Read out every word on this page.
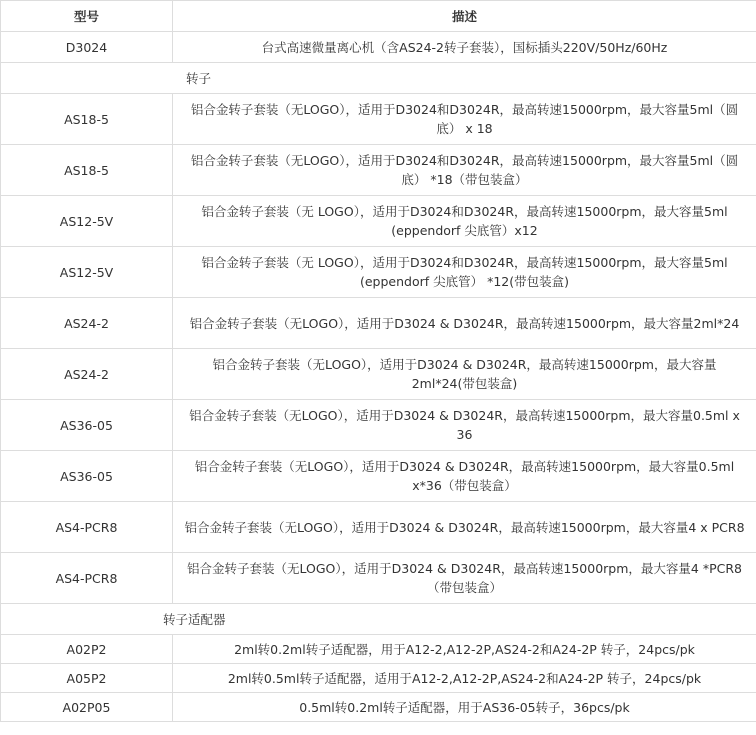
型号	描述
D3024	台式高速微量离心机（含AS24-2转子套装），国标插头220V/50Hz/60Hz
转子	
AS18-5	铝合金转子套装（无LOGO），适用于D3024和D3024R，最高转速15000rpm，最大容量5ml（圆底） x 18
AS18-5	铝合金转子套装（无LOGO），适用于D3024和D3024R，最高转速15000rpm，最大容量5ml（圆底） *18（带包装盒）
AS12-5V	铝合金转子套装（无 LOGO），适用于D3024和D3024R，最高转速15000rpm，最大容量5ml (eppendorf 尖底管）x12
AS12-5V	铝合金转子套装（无 LOGO），适用于D3024和D3024R，最高转速15000rpm，最大容量5ml (eppendorf 尖底管） *12(带包装盒)
AS24-2	铝合金转子套装（无LOGO），适用于D3024 & D3024R，最高转速15000rpm，最大容量2ml*24
AS24-2	铝合金转子套装（无LOGO），适用于D3024 & D3024R，最高转速15000rpm，最大容量2ml*24(带包装盒)
AS36-05	铝合金转子套装（无LOGO），适用于D3024 & D3024R，最高转速15000rpm，最大容量0.5ml x 36
AS36-05	铝合金转子套装（无LOGO），适用于D3024 & D3024R，最高转速15000rpm，最大容量0.5ml x*36（带包装盒）
AS4-PCR8	铝合金转子套装（无LOGO），适用于D3024 & D3024R，最高转速15000rpm，最大容量4 x PCR8
AS4-PCR8	铝合金转子套装（无LOGO），适用于D3024 & D3024R，最高转速15000rpm，最大容量4 *PCR8（带包装盒）
转子适配器	
A02P2	2ml转0.2ml转子适配器，用于A12-2,A12-2P,AS24-2和A24-2P 转子，24pcs/pk
A05P2	2ml转0.5ml转子适配器，适用于A12-2,A12-2P,AS24-2和A24-2P 转子，24pcs/pk
A02P05	0.5ml转0.2ml转子适配器，用于AS36-05转子，36pcs/pk
